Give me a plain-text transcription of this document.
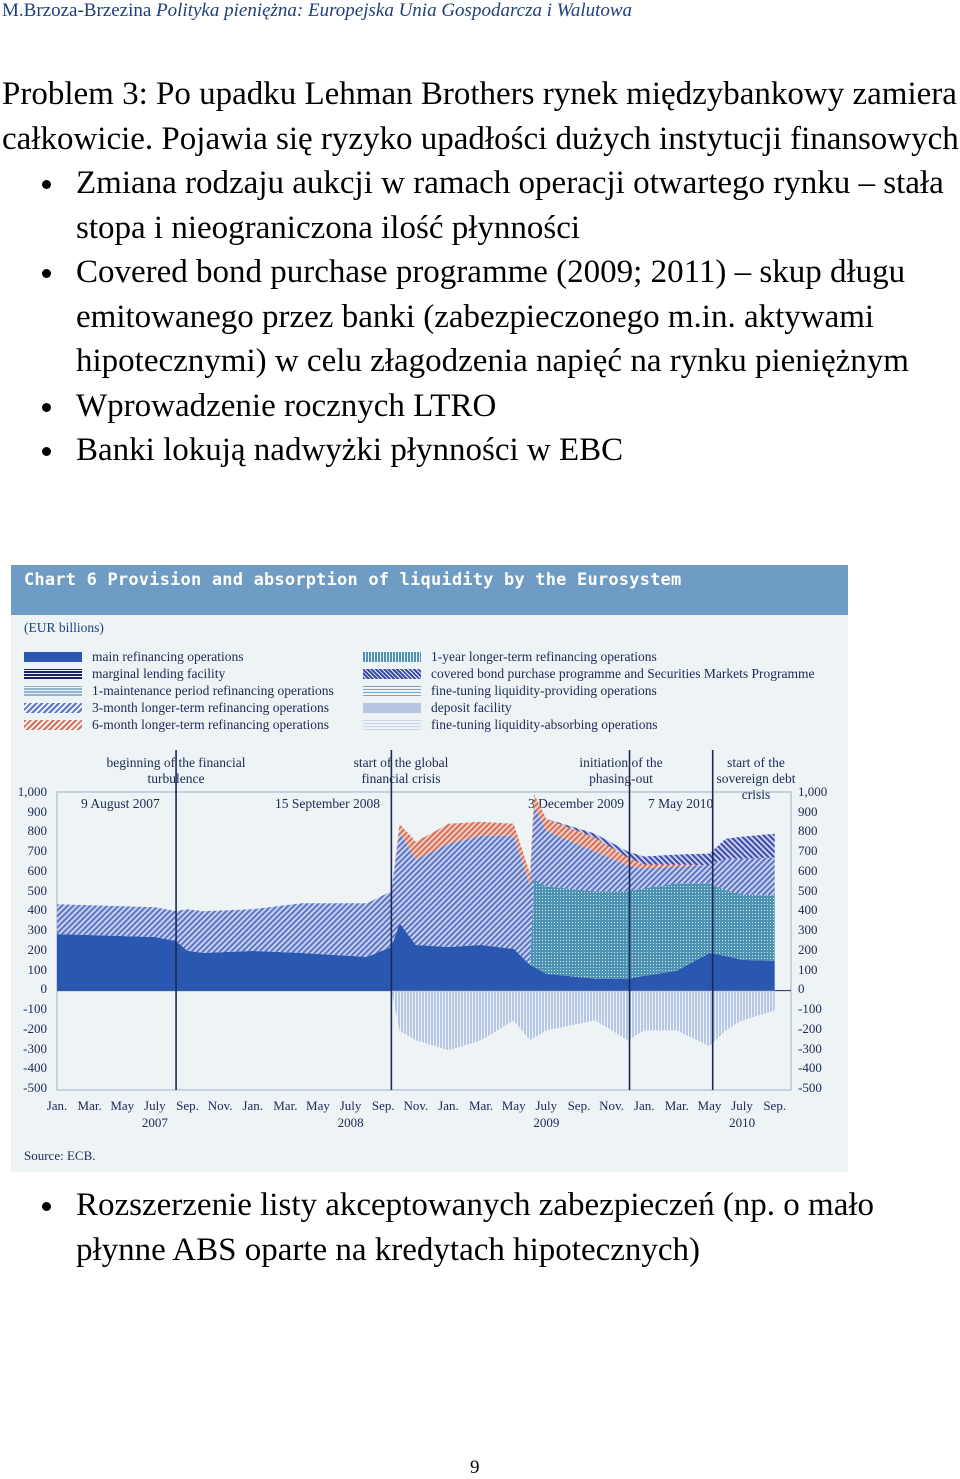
M.Brzoza-Brzezina Polityka pieniężna: Europejska Unia Gospodarcza i Walutowa

Problem 3: Po upadku Lehman Brothers rynek międzybankowy zamiera całkowicie. Pojawia się ryzyko upadłości dużych instytucji finansowych

Zmiana rodzaju aukcji w ramach operacji otwartego rynku – stała stopa i nieograniczona ilość płynności
Covered bond purchase programme (2009; 2011) – skup długu emitowanego przez banki (zabezpieczonego m.in. aktywami hipotecznymi) w celu złagodzenia napięć na rynku pieniężnym
Wprowadzenie rocznych LTRO
Banki lokują nadwyżki płynności w EBC
Chart 6 Provision and absorption of liquidity by the Eurosystem
(EUR billions)
main refinancing operations
marginal lending facility
1-maintenance period refinancing operations
3-month longer-term refinancing operations
6-month longer-term refinancing operations
1-year longer-term refinancing operations
covered bond purchase programme and Securities Markets Programme
fine-tuning liquidity-providing operations
deposit facility
fine-tuning liquidity-absorbing operations
beginning of the financial turbulence
start of the global financial crisis
initiation of the phasing-out
start of the sovereign debt crisis
9 August 2007	15 September 2008	3 December 2009 7 May 2010
1,000
900
800
700
600
500
400
300
200
100
0
-100
-200
-300
-400
-500
1,000
900
800
700
600
500
400
300
200
100
0
-100
-200
-300
-400
-500
Jan. Mar. May July Sep. Nov. Jan. Mar. May July Sep. Nov. Jan. Mar. May July Sep. Nov. Jan. Mar. May July Sep.
2007	2008	2009	2010
Source: ECB.
Rozszerzenie listy akceptowanych zabezpieczeń (np. o mało płynne ABS oparte na kredytach hipotecznych)
9
